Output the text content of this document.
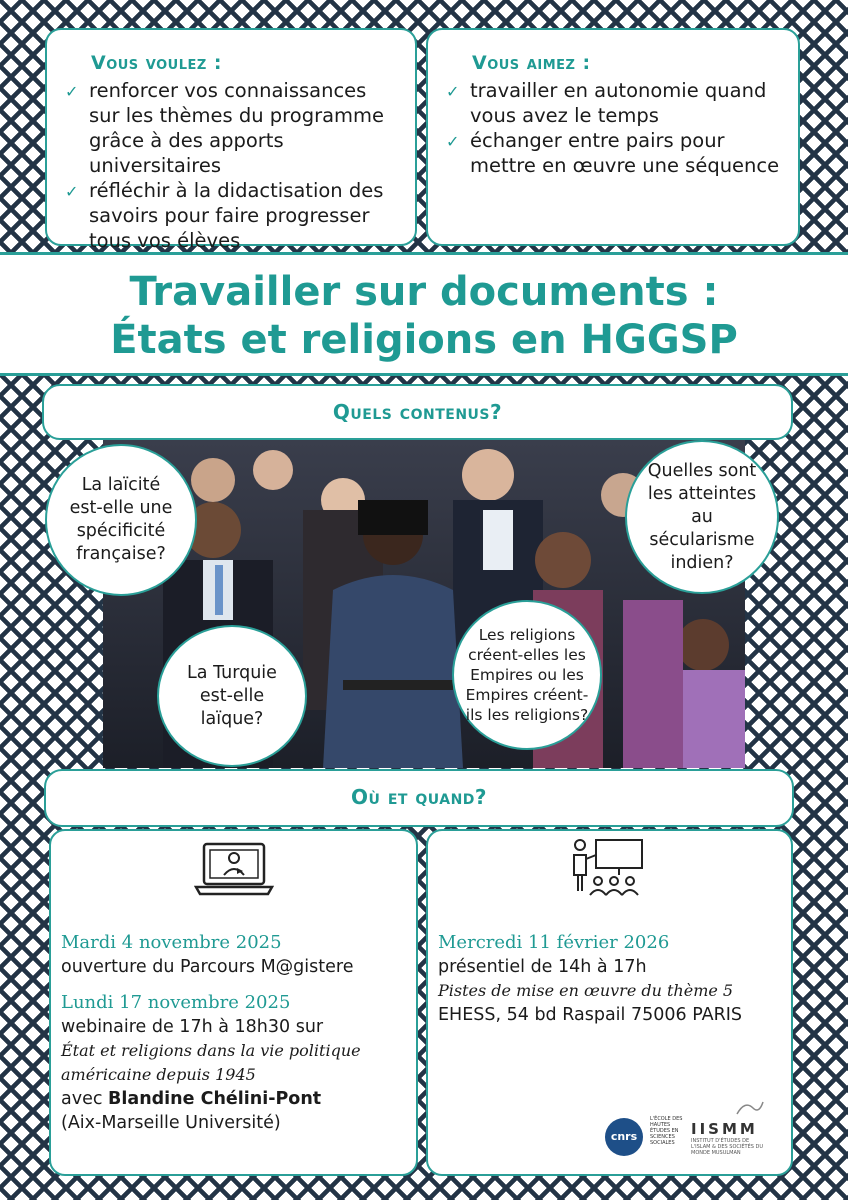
Vous voulez :
✓ renforcer vos connaissances sur les thèmes du programme grâce à des apports universitaires
✓ réfléchir à la didactisation des savoirs pour faire progresser tous vos élèves
Vous aimez :
✓ travailler en autonomie quand vous avez le temps
✓ échanger entre pairs pour mettre en œuvre une séquence
Travailler sur documents :
États et religions en HGGSP
Quels contenus?
La laïcité est-elle une spécificité française?
Quelles sont les atteintes au sécularisme indien?
La Turquie est-elle laïque?
Les religions créent-elles les Empires ou les Empires créent-ils les religions?
Où et quand?
Mardi 4 novembre 2025
ouverture du Parcours M@gistere
Lundi 17 novembre 2025
webinaire de 17h à 18h30 sur
État et religions dans la vie politique américaine depuis 1945
avec Blandine Chélini-Pont
(Aix-Marseille Université)
Mercredi 11 février 2026
présentiel de 14h à 17h
Pistes de mise en œuvre du thème 5
EHESS, 54 bd Raspail 75006 PARIS
cnrs
L'ÉCOLE DES HAUTES ÉTUDES EN SCIENCES SOCIALES
IISMM
INSTITUT D'ÉTUDES DE L'ISLAM & DES SOCIÉTÉS DU MONDE MUSULMAN
